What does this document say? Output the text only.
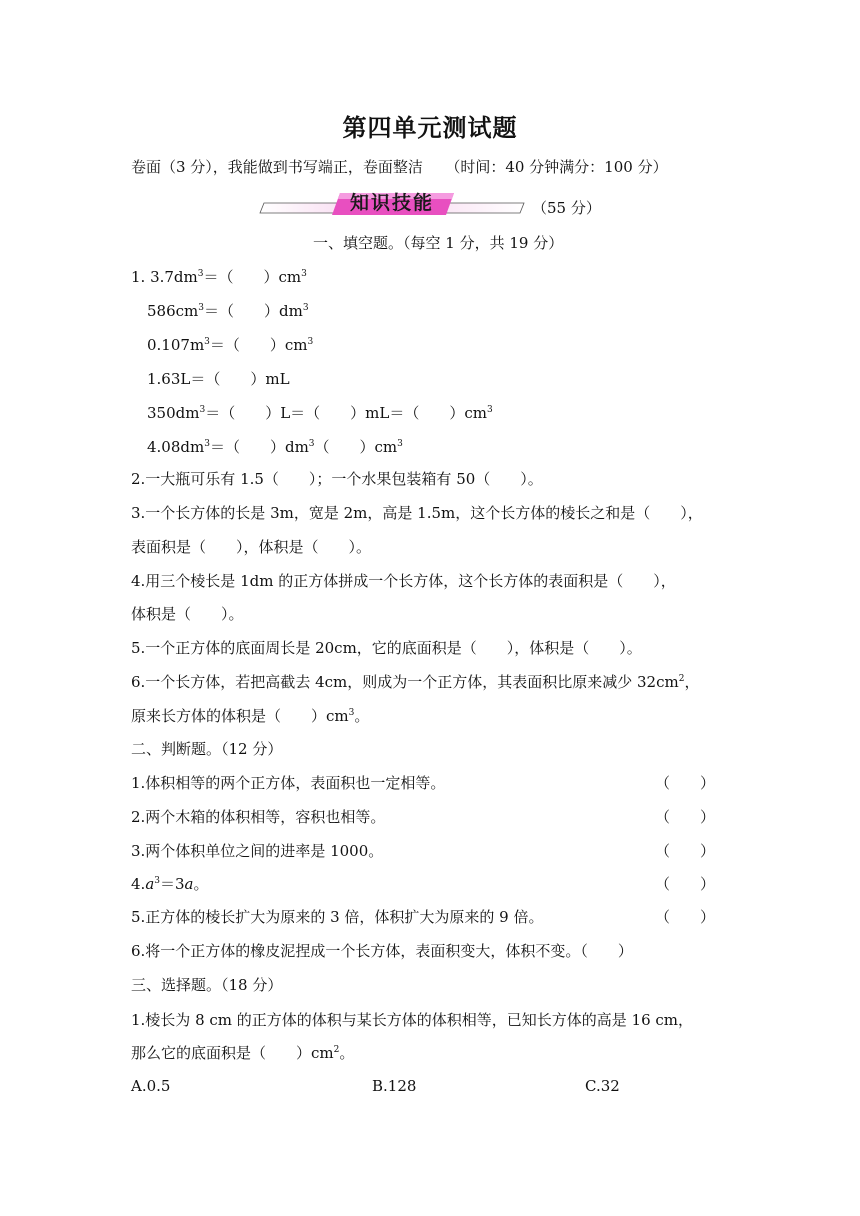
第四单元测试题
卷面（3 分），我能做到书写端正，卷面整洁　　（时间：40 分钟满分：100 分）
知识技能	（55 分）
一、填空题。（每空 1 分，共 19 分）
1. $3.7dm^3=$（　　）$cm^3$
$586cm^3=$（　　）$dm^3$
$0.107m^3=$（　　）$cm^3$
1.63L＝（　　）mL
$350dm^3=$（　　）L＝（　　）mL＝（　　）$cm^3$
$4.08dm^3=$（　　）$dm^3$（　　）$cm^3$
2.一大瓶可乐有 1.5（　　）；一个水果包装箱有 50（　　）。
3.一个长方体的长是 3m，宽是 2m，高是 1.5m，这个长方体的棱长之和是（　　），
表面积是（　　），体积是（　　）。
4.用三个棱长是 1dm 的正方体拼成一个长方体，这个长方体的表面积是（　　），
体积是（　　）。
5.一个正方体的底面周长是 20cm，它的底面积是（　　），体积是（　　）。
6.一个长方体，若把高截去 4cm，则成为一个正方体，其表面积比原来减少 $32cm^2$，
原来长方体的体积是（　　）$cm^3$。
二、判断题。（12 分）
1.体积相等的两个正方体，表面积也一定相等。	（　　）
2.两个木箱的体积相等，容积也相等。	（　　）
3.两个体积单位之间的进率是 1000。	（　　）
$4.a^3=3a$。	（　　）
5.正方体的棱长扩大为原来的 3 倍，体积扩大为原来的 9 倍。	（　　）
6.将一个正方体的橡皮泥捏成一个长方体，表面积变大，体积不变。（　　）
三、选择题。（18 分）
1.棱长为 8 cm 的正方体的体积与某长方体的体积相等，已知长方体的高是 16 cm，
那么它的底面积是（　　）$cm^2$。
A.0.5	B.128	C.32
